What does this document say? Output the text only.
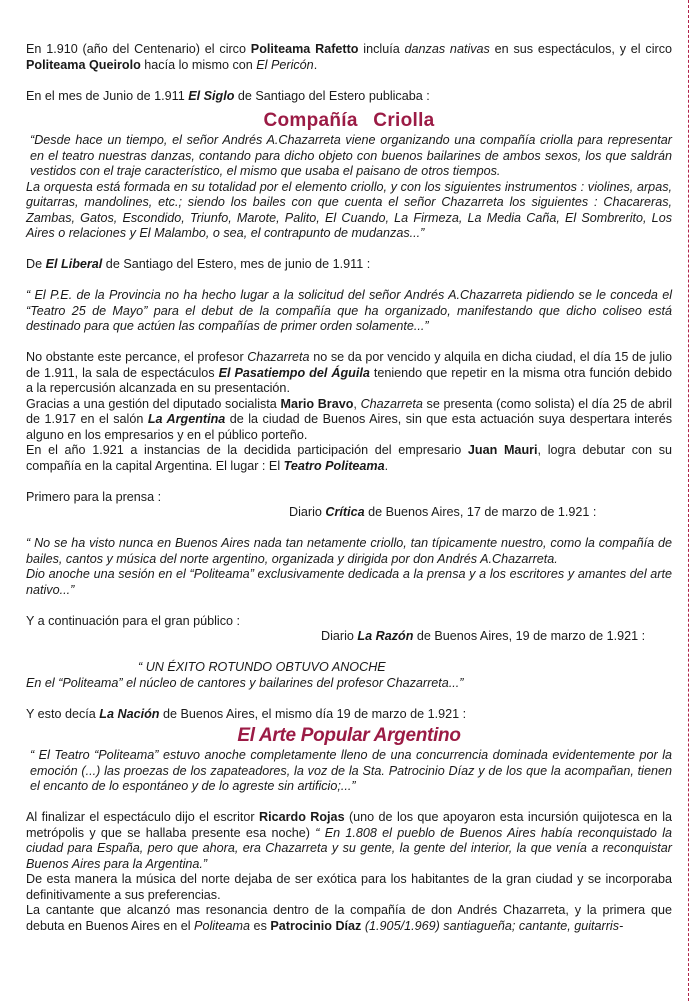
En 1.910 (año del Centenario) el circo Politeama Rafetto incluía danzas nativas en sus espectáculos, y el circo Politeama Queirolo hacía lo mismo con El Pericón.

En el mes de Junio de 1.911 El Siglo de Santiago del Estero publicaba :

Compañía Criolla

“Desde hace un tiempo, el señor Andrés A.Chazarreta viene organizando una compañía criolla para representar en el teatro nuestras danzas, contando para dicho objeto con buenos bailarines de ambos sexos, los que saldrán vestidos con el traje característico, el mismo que usaba el paisano de otros tiempos.

La orquesta está formada en su totalidad por el elemento criollo, y con los siguientes instrumentos : violines, arpas, guitarras, mandolines, etc.; siendo los bailes con que cuenta el señor Chazarreta los siguientes : Chacareras, Zambas, Gatos, Escondido, Triunfo, Marote, Palito, El Cuando, La Firmeza, La Media Caña, El Sombrerito, Los Aires o relaciones y El Malambo, o sea, el contrapunto de mudanzas...”

De El Liberal de Santiago del Estero, mes de junio de 1.911 :

“ El P.E. de la Provincia no ha hecho lugar a la solicitud del señor Andrés A.Chazarreta pidiendo se le conceda el “Teatro 25 de Mayo” para el debut de la compañía que ha organizado, manifestando que dicho coliseo está destinado para que actúen las compañías de primer orden solamente...”

No obstante este percance, el profesor Chazarreta no se da por vencido y alquila en dicha ciudad, el día 15 de julio de 1.911, la sala de espectáculos El Pasatiempo del Águila teniendo que repetir en la misma otra función debido a la repercusión alcanzada en su presentación.

Gracias a una gestión del diputado socialista Mario Bravo, Chazarreta se presenta (como solista) el día 25 de abril de 1.917 en el salón La Argentina de la ciudad de Buenos Aires, sin que esta actuación suya despertara interés alguno en los empresarios y en el público porteño.

En el año 1.921 a instancias de la decidida participación del empresario Juan Mauri, logra debutar con su compañía en la capital Argentina. El lugar : El Teatro Politeama.

Primero para la prensa :

Diario Crítica de Buenos Aires, 17 de marzo de 1.921 :

“ No se ha visto nunca en Buenos Aires nada tan netamente criollo, tan típicamente nuestro, como la compañía de bailes, cantos y música del norte argentino, organizada y dirigida por don Andrés A.Chazarreta.

Dio anoche una sesión en el “Politeama” exclusivamente dedicada a la prensa y a los escritores y amantes del arte nativo...”

Y a continuación para el gran público :

Diario La Razón de Buenos Aires, 19 de marzo de 1.921 :

“ UN ÉXITO ROTUNDO OBTUVO ANOCHE

En el “Politeama” el núcleo de cantores y bailarines del profesor Chazarreta...”

Y esto decía La Nación de Buenos Aires, el mismo día 19 de marzo de 1.921 :

El Arte Popular Argentino

“ El Teatro “Politeama” estuvo anoche completamente lleno de una concurrencia dominada evidentemente por la emoción (...) las proezas de los zapateadores, la voz de la Sta. Patrocinio Díaz y de los que la acompañan, tienen el encanto de lo espontáneo y de lo agreste sin artificio;...”

Al finalizar el espectáculo dijo el escritor Ricardo Rojas (uno de los que apoyaron esta incursión quijotesca en la metrópolis y que se hallaba presente esa noche) “ En 1.808 el pueblo de Buenos Aires había reconquistado la ciudad para España, pero que ahora, era Chazarreta y su gente, la gente del interior, la que venía a reconquistar Buenos Aires para la Argentina.”

De esta manera la música del norte dejaba de ser exótica para los habitantes de la gran ciudad y se incorporaba definitivamente a sus preferencias.

La cantante que alcanzó mas resonancia dentro de la compañía de don Andrés Chazarreta, y la primera que debuta en Buenos Aires en el Politeama es Patrocinio Díaz (1.905/1.969) santiagueña; cantante, guitarris-
